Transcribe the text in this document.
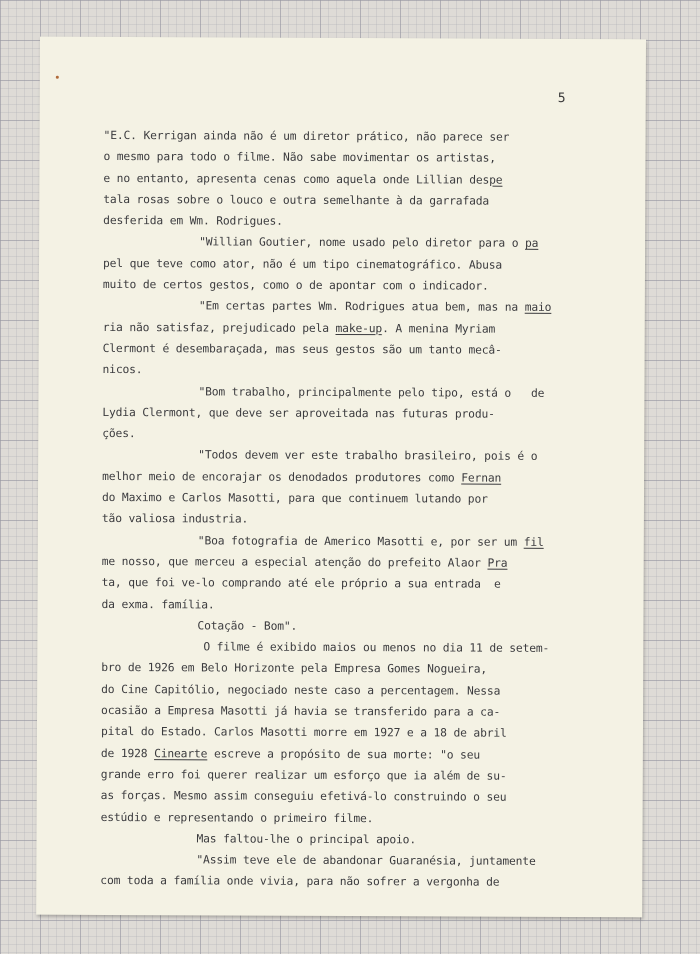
5
"E.C. Kerrigan ainda não é um diretor prático, não parece ser
o mesmo para todo o filme. Não sabe movimentar os artistas,
e no entanto, apresenta cenas como aquela onde Lillian despe
tala rosas sobre o louco e outra semelhante à da garrafada
desferida em Wm. Rodrigues.
"Willian Goutier, nome usado pelo diretor para o pa
pel que teve como ator, não é um tipo cinematográfico. Abusa
muito de certos gestos, como o de apontar com o indicador.
"Em certas partes Wm. Rodrigues atua bem, mas na maio
ria não satisfaz, prejudicado pela make-up. A menina Myriam
Clermont é desembaraçada, mas seus gestos são um tanto mecâ-
nicos.
"Bom trabalho, principalmente pelo tipo, está o   de
Lydia Clermont, que deve ser aproveitada nas futuras produ-
ções.
"Todos devem ver este trabalho brasileiro, pois é o
melhor meio de encorajar os denodados produtores como Fernan
do Maximo e Carlos Masotti, para que continuem lutando por
tão valiosa industria.
"Boa fotografia de Americo Masotti e, por ser um fil
me nosso, que merceu a especial atenção do prefeito Alaor Pra
ta, que foi ve-lo comprando até ele próprio a sua entrada  e
da exma. família.
Cotação - Bom".
O filme é exibido maios ou menos no dia 11 de setem-
bro de 1926 em Belo Horizonte pela Empresa Gomes Nogueira,
do Cine Capitólio, negociado neste caso a percentagem. Nessa
ocasião a Empresa Masotti já havia se transferido para a ca-
pital do Estado. Carlos Masotti morre em 1927 e a 18 de abril
de 1928 Cinearte escreve a propósito de sua morte: "o seu
grande erro foi querer realizar um esforço que ia além de su-
as forças. Mesmo assim conseguiu efetivá-lo construindo o seu
estúdio e representando o primeiro filme.
Mas faltou-lhe o principal apoio.
"Assim teve ele de abandonar Guaranésia, juntamente
com toda a família onde vivia, para não sofrer a vergonha de
